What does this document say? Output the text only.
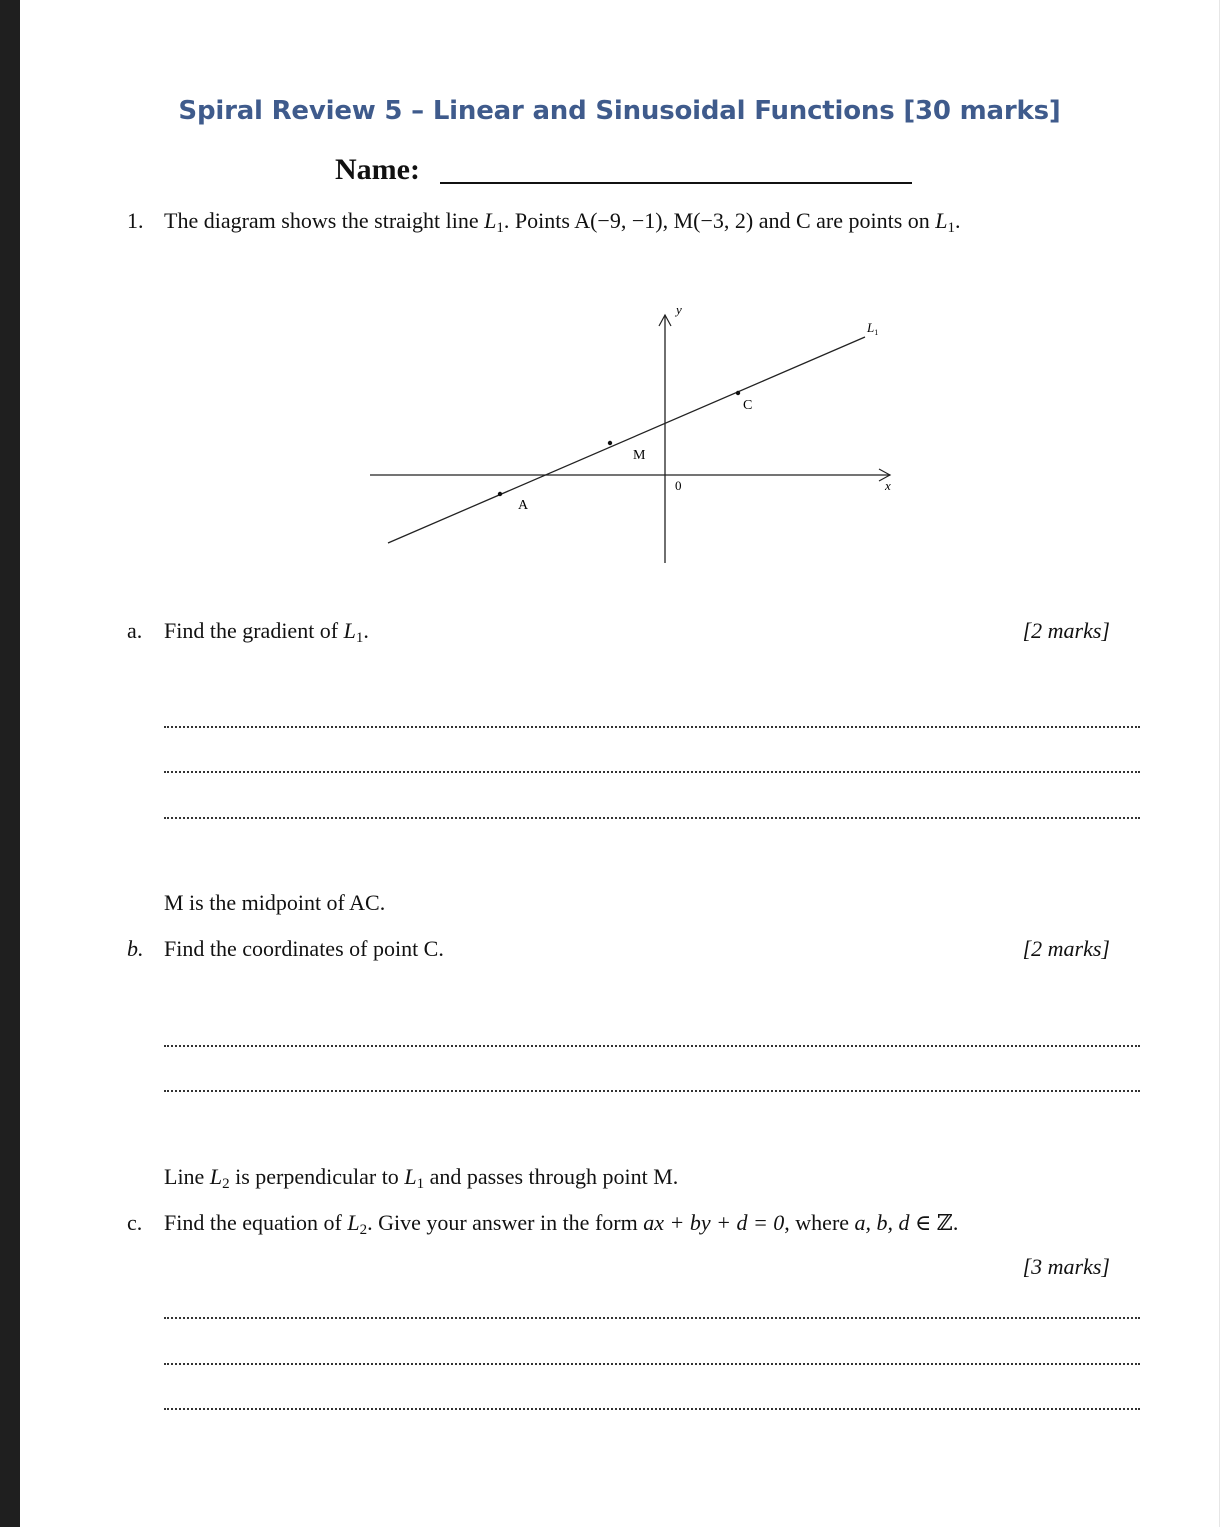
Spiral Review 5 – Linear and Sinusoidal Functions [30 marks]
Name:
1. The diagram shows the straight line $L_1$. Points A(−9, −1), M(−3, 2) and C are points on $L_1$.
A
M
C
0	x
y
$L_1$
a. Find the gradient of $L_1$.	[2 marks]
M is the midpoint of AC.
b. Find the coordinates of point C.	[2 marks]
Line $L_2$ is perpendicular to $L_1$ and passes through point M.
c. Find the equation of $L_2$. Give your answer in the form ax + by + d = 0, where a, b, d ∈ ℤ.
[3 marks]
